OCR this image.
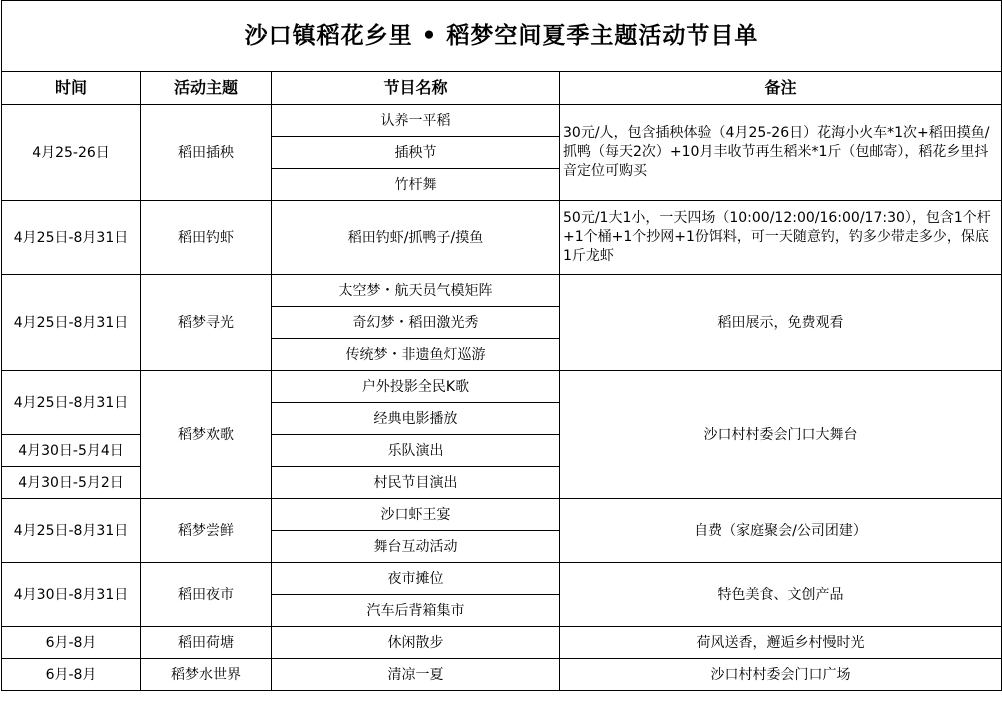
沙口镇稻花乡里 • 稻梦空间夏季主题活动节目单			
时间	活动主题	节目名称	备注
4月25-26日	稻田插秧	认养一平稻	30元/人，包含插秧体验（4月25-26日）花海小火车*1次+稻田摸鱼/抓鸭（每天2次）+10月丰收节再生稻米*1斤（包邮寄），稻花乡里抖音定位可购买
		插秧节	
		竹杆舞	
4月25日-8月31日	稻田钓虾	稻田钓虾/抓鸭子/摸鱼	50元/1大1小，一天四场（10:00/12:00/16:00/17:30），包含1个杆+1个桶+1个抄网+1份饵料，可一天随意钓，钓多少带走多少，保底1斤龙虾
4月25日-8月31日	稻梦寻光	太空梦・航天员气模矩阵	稻田展示，免费观看
		奇幻梦・稻田激光秀	
		传统梦・非遗鱼灯巡游	
4月25日-8月31日	稻梦欢歌	户外投影全民K歌	沙口村村委会门口大舞台
		经典电影播放	
4月30日-5月4日		乐队演出	
4月30日-5月2日		村民节目演出	
4月25日-8月31日	稻梦尝鲜	沙口虾王宴	自费（家庭聚会/公司团建）
		舞台互动活动	
4月30日-8月31日	稻田夜市	夜市摊位	特色美食、文创产品
		汽车后背箱集市	
6月-8月	稻田荷塘	休闲散步	荷风送香，邂逅乡村慢时光
6月-8月	稻梦水世界	清凉一夏	沙口村村委会门口广场
